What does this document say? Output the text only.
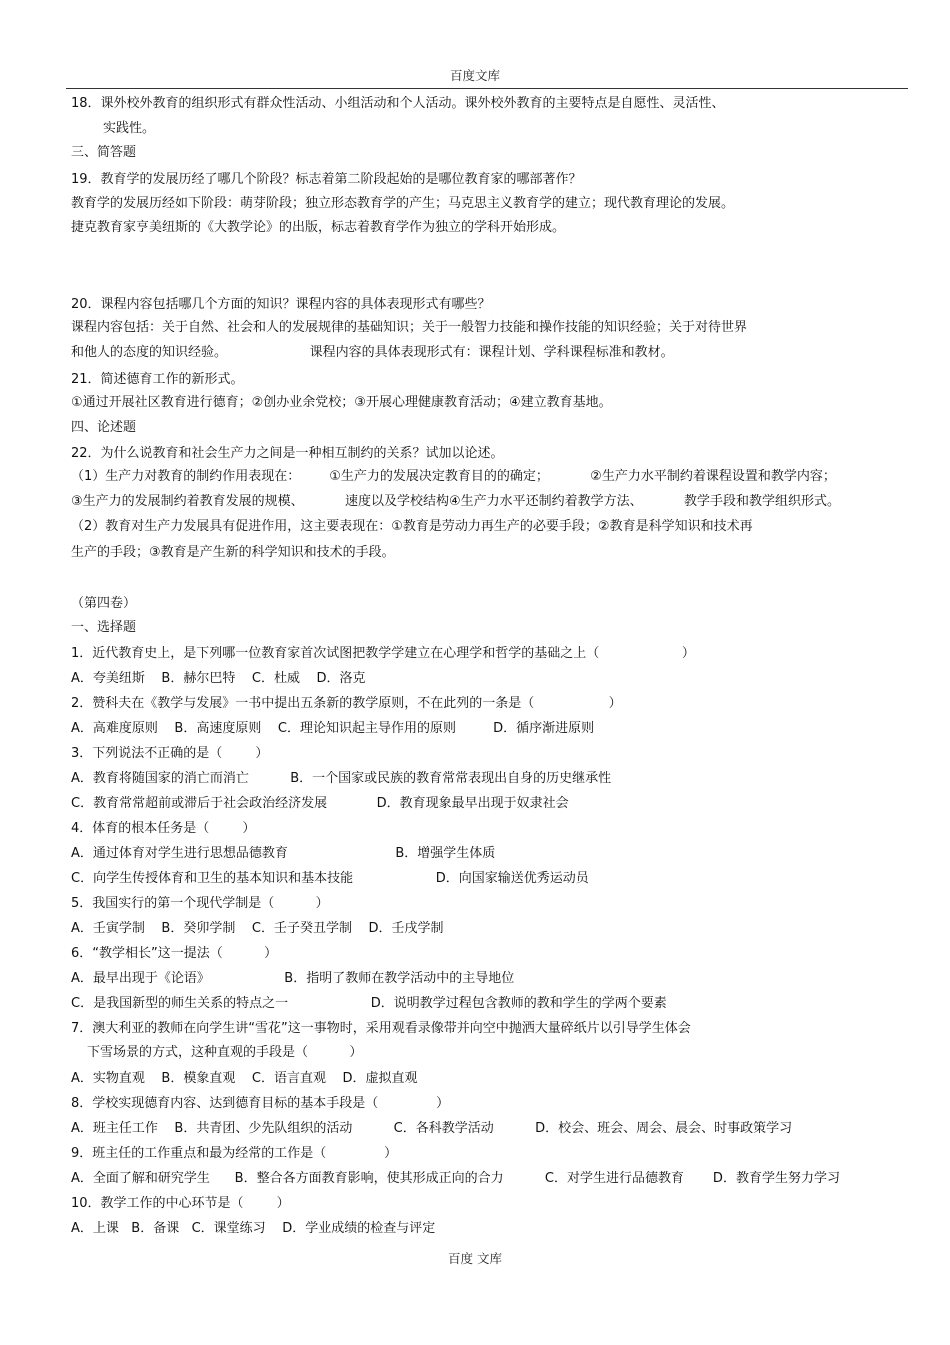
百度文库
18．课外校外教育的组织形式有群众性活动、小组活动和个人活动。课外校外教育的主要特点是自愿性、灵活性、
实践性。
三、简答题
19．教育学的发展历经了哪几个阶段？标志着第二阶段起始的是哪位教育家的哪部著作？
教育学的发展历经如下阶段：萌芽阶段；独立形态教育学的产生；马克思主义教育学的建立；现代教育理论的发展。
捷克教育家亨美纽斯的《大教学论》的出版，标志着教育学作为独立的学科开始形成。
20．课程内容包括哪几个方面的知识？课程内容的具体表现形式有哪些？
课程内容包括：关于自然、社会和人的发展规律的基础知识；关于一般智力技能和操作技能的知识经验；关于对待世界
和他人的态度的知识经验。                    课程内容的具体表现形式有：课程计划、学科课程标准和教材。
21．简述德育工作的新形式。
①通过开展社区教育进行德育；②创办业余党校；③开展心理健康教育活动；④建立教育基地。
四、论述题
22．为什么说教育和社会生产力之间是一种相互制约的关系？试加以论述。
（1）生产力对教育的制约作用表现在：       ①生产力的发展决定教育目的的确定；          ②生产力水平制约着课程设置和教学内容；
③生产力的发展制约着教育发展的规模、          速度以及学校结构④生产力水平还制约着教学方法、          教学手段和教学组织形式。
（2）教育对生产力发展具有促进作用，这主要表现在：①教育是劳动力再生产的必要手段；②教育是科学知识和技术再
生产的手段；③教育是产生新的科学知识和技术的手段。
（第四卷）
一、选择题
1．近代教育史上，是下列哪一位教育家首次试图把教学学建立在心理学和哲学的基础之上（                    ）
A．夸美纽斯    B．赫尔巴特    C．杜威    D．洛克
2．赞科夫在《教学与发展》一书中提出五条新的教学原则，不在此列的一条是（                  ）
A．高难度原则    B．高速度原则    C．理论知识起主导作用的原则         D．循序渐进原则
3．下列说法不正确的是（        ）
A．教育将随国家的消亡而消亡          B．一个国家或民族的教育常常表现出自身的历史继承性
C．教育常常超前或滞后于社会政治经济发展            D．教育现象最早出现于奴隶社会
4．体育的根本任务是（        ）
A．通过体育对学生进行思想品德教育                          B．增强学生体质
C．向学生传授体育和卫生的基本知识和基本技能                    D．向国家输送优秀运动员
5．我国实行的第一个现代学制是（          ）
A．壬寅学制    B．癸卯学制    C．壬子癸丑学制    D．壬戌学制
6．“教学相长”这一提法（          ）
A．最早出现于《论语》                  B．指明了教师在教学活动中的主导地位
C．是我国新型的师生关系的特点之一                    D．说明教学过程包含教师的教和学生的学两个要素
7．澳大利亚的教师在向学生讲“雪花”这一事物时，采用观看录像带并向空中抛洒大量碎纸片以引导学生体会
下雪场景的方式，这种直观的手段是（          ）
A．实物直观    B．模象直观    C．语言直观    D．虚拟直观
8．学校实现德育内容、达到德育目标的基本手段是（              ）
A．班主任工作    B．共青团、少先队组织的活动          C．各科教学活动          D．校会、班会、周会、晨会、时事政策学习
9．班主任的工作重点和最为经常的工作是（              ）
A．全面了解和研究学生      B．整合各方面教育影响，使其形成正向的合力          C．对学生进行品德教育       D．教育学生努力学习
10．教学工作的中心环节是（        ）
A．上课   B．备课   C．课堂练习    D．学业成绩的检查与评定
百度 文库
